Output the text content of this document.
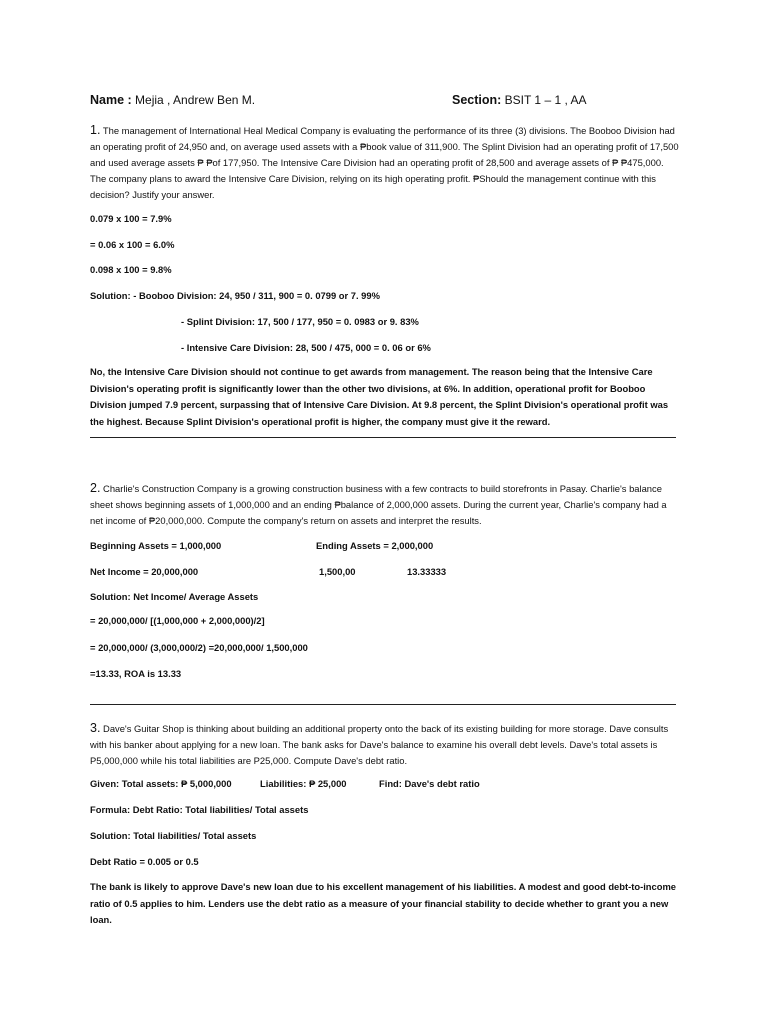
Name : Mejia , Andrew Ben M.	Section: BSIT 1 – 1 , AA
1. The management of International Heal Medical Company is evaluating the performance of its three (3) divisions. The Booboo Division had an operating profit of 24,950 and, on average used assets with a ₱book value of 311,900. The Splint Division had an operating profit of 17,500 and used average assets ₱ ₱of 177,950. The Intensive Care Division had an operating profit of 28,500 and average assets of ₱ ₱475,000. The company plans to award the Intensive Care Division, relying on its high operating profit. ₱Should the management continue with this decision? Justify your answer.
0.079 x 100 = 7.9%
= 0.06 x 100 = 6.0%
0.098 x 100 = 9.8%
Solution: - Booboo Division: 24, 950 / 311, 900 = 0. 0799 or 7. 99%
- Splint Division: 17, 500 / 177, 950 = 0. 0983 or 9. 83%
- Intensive Care Division: 28, 500 / 475, 000 = 0. 06 or 6%
No, the Intensive Care Division should not continue to get awards from management. The reason being that the Intensive Care Division's operating profit is significantly lower than the other two divisions, at 6%. In addition, operational profit for Booboo Division jumped 7.9 percent, surpassing that of Intensive Care Division. At 9.8 percent, the Splint Division's operational profit was the highest. Because Splint Division's operational profit is higher, the company must give it the reward.
2. Charlie's Construction Company is a growing construction business with a few contracts to build storefronts in Pasay. Charlie's balance sheet shows beginning assets of 1,000,000 and an ending ₱balance of 2,000,000 assets. During the current year, Charlie's company had a net income of ₱20,000,000. Compute the company's return on assets and interpret the results.
Beginning Assets = 1,000,000	Ending Assets = 2,000,000
Net Income = 20,000,000	1,500,00	13.33333
Solution: Net Income/ Average Assets
= 20,000,000/ [(1,000,000 + 2,000,000)/2]
= 20,000,000/ (3,000,000/2) =20,000,000/ 1,500,000
=13.33, ROA is 13.33
3. Dave's Guitar Shop is thinking about building an additional property onto the back of its existing building for more storage. Dave consults with his banker about applying for a new loan. The bank asks for Dave's balance to examine his overall debt levels. Dave's total assets is P5,000,000 while his total liabilities are P25,000. Compute Dave's debt ratio.
Given: Total assets: ₱ 5,000,000	Liabilities: ₱ 25,000	Find: Dave's debt ratio
Formula: Debt Ratio: Total liabilities/ Total assets
Solution: Total liabilities/ Total assets
Debt Ratio = 0.005 or 0.5
The bank is likely to approve Dave's new loan due to his excellent management of his liabilities. A modest and good debt-to-income ratio of 0.5 applies to him. Lenders use the debt ratio as a measure of your financial stability to decide whether to grant you a new loan.
